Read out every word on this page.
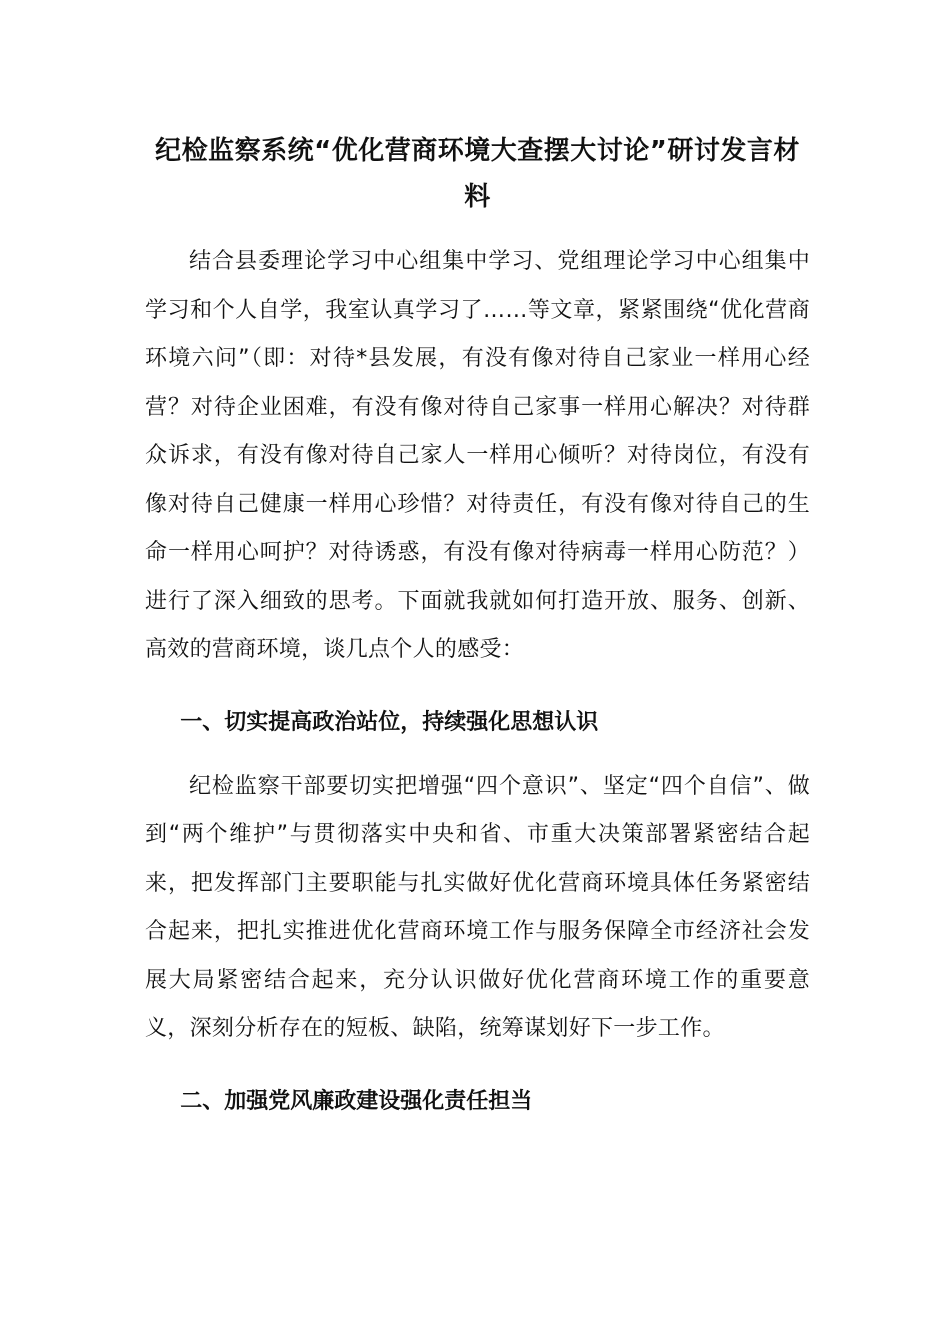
纪检监察系统“优化营商环境大查摆大讨论”研讨发言材料

结合县委理论学习中心组集中学习、党组理论学习中心组集中学习和个人自学，我室认真学习了……等文章，紧紧围绕“优化营商环境六问”（即：对待*县发展，有没有像对待自己家业一样用心经营？对待企业困难，有没有像对待自己家事一样用心解决？对待群众诉求，有没有像对待自己家人一样用心倾听？对待岗位，有没有像对待自己健康一样用心珍惜？对待责任，有没有像对待自己的生命一样用心呵护？对待诱惑，有没有像对待病毒一样用心防范？）进行了深入细致的思考。下面就我就如何打造开放、服务、创新、高效的营商环境，谈几点个人的感受：

一、切实提高政治站位，持续强化思想认识

纪检监察干部要切实把增强“四个意识”、坚定“四个自信”、做到“两个维护”与贯彻落实中央和省、市重大决策部署紧密结合起来，把发挥部门主要职能与扎实做好优化营商环境具体任务紧密结合起来，把扎实推进优化营商环境工作与服务保障全市经济社会发展大局紧密结合起来，充分认识做好优化营商环境工作的重要意义，深刻分析存在的短板、缺陷，统筹谋划好下一步工作。

二、加强党风廉政建设强化责任担当
